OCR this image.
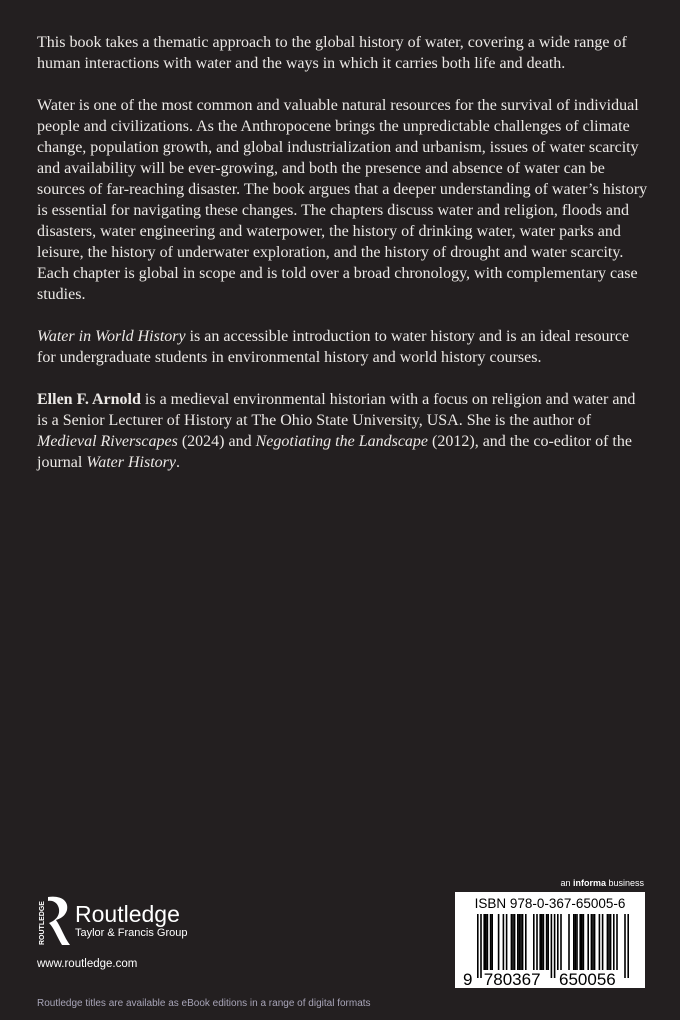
This book takes a thematic approach to the global history of water, covering a wide range of human interactions with water and the ways in which it carries both life and death.

Water is one of the most common and valuable natural resources for the survival of individual people and civilizations. As the Anthropocene brings the unpredictable challenges of climate change, population growth, and global industrialization and urbanism, issues of water scarcity and availability will be ever-growing, and both the presence and absence of water can be sources of far-reaching disaster. The book argues that a deeper understanding of water’s history is essential for navigating these changes. The chapters discuss water and religion, floods and disasters, water engineering and waterpower, the history of drinking water, water parks and leisure, the history of underwater exploration, and the history of drought and water scarcity. Each chapter is global in scope and is told over a broad chronology, with complementary case studies.

Water in World History is an accessible introduction to water history and is an ideal resource for undergraduate students in environmental history and world history courses.

Ellen F. Arnold is a medieval environmental historian with a focus on religion and water and is a Senior Lecturer of History at The Ohio State University, USA. She is the author of Medieval Riverscapes (2024) and Negotiating the Landscape (2012), and the co-editor of the journal Water History.

ROUTLEDGE Routledge
Taylor & Francis Group
www.routledge.com
Routledge titles are available as eBook editions in a range of digital formats
an informa business
ISBN 978-0-367-65005-6
9 780367 650056
